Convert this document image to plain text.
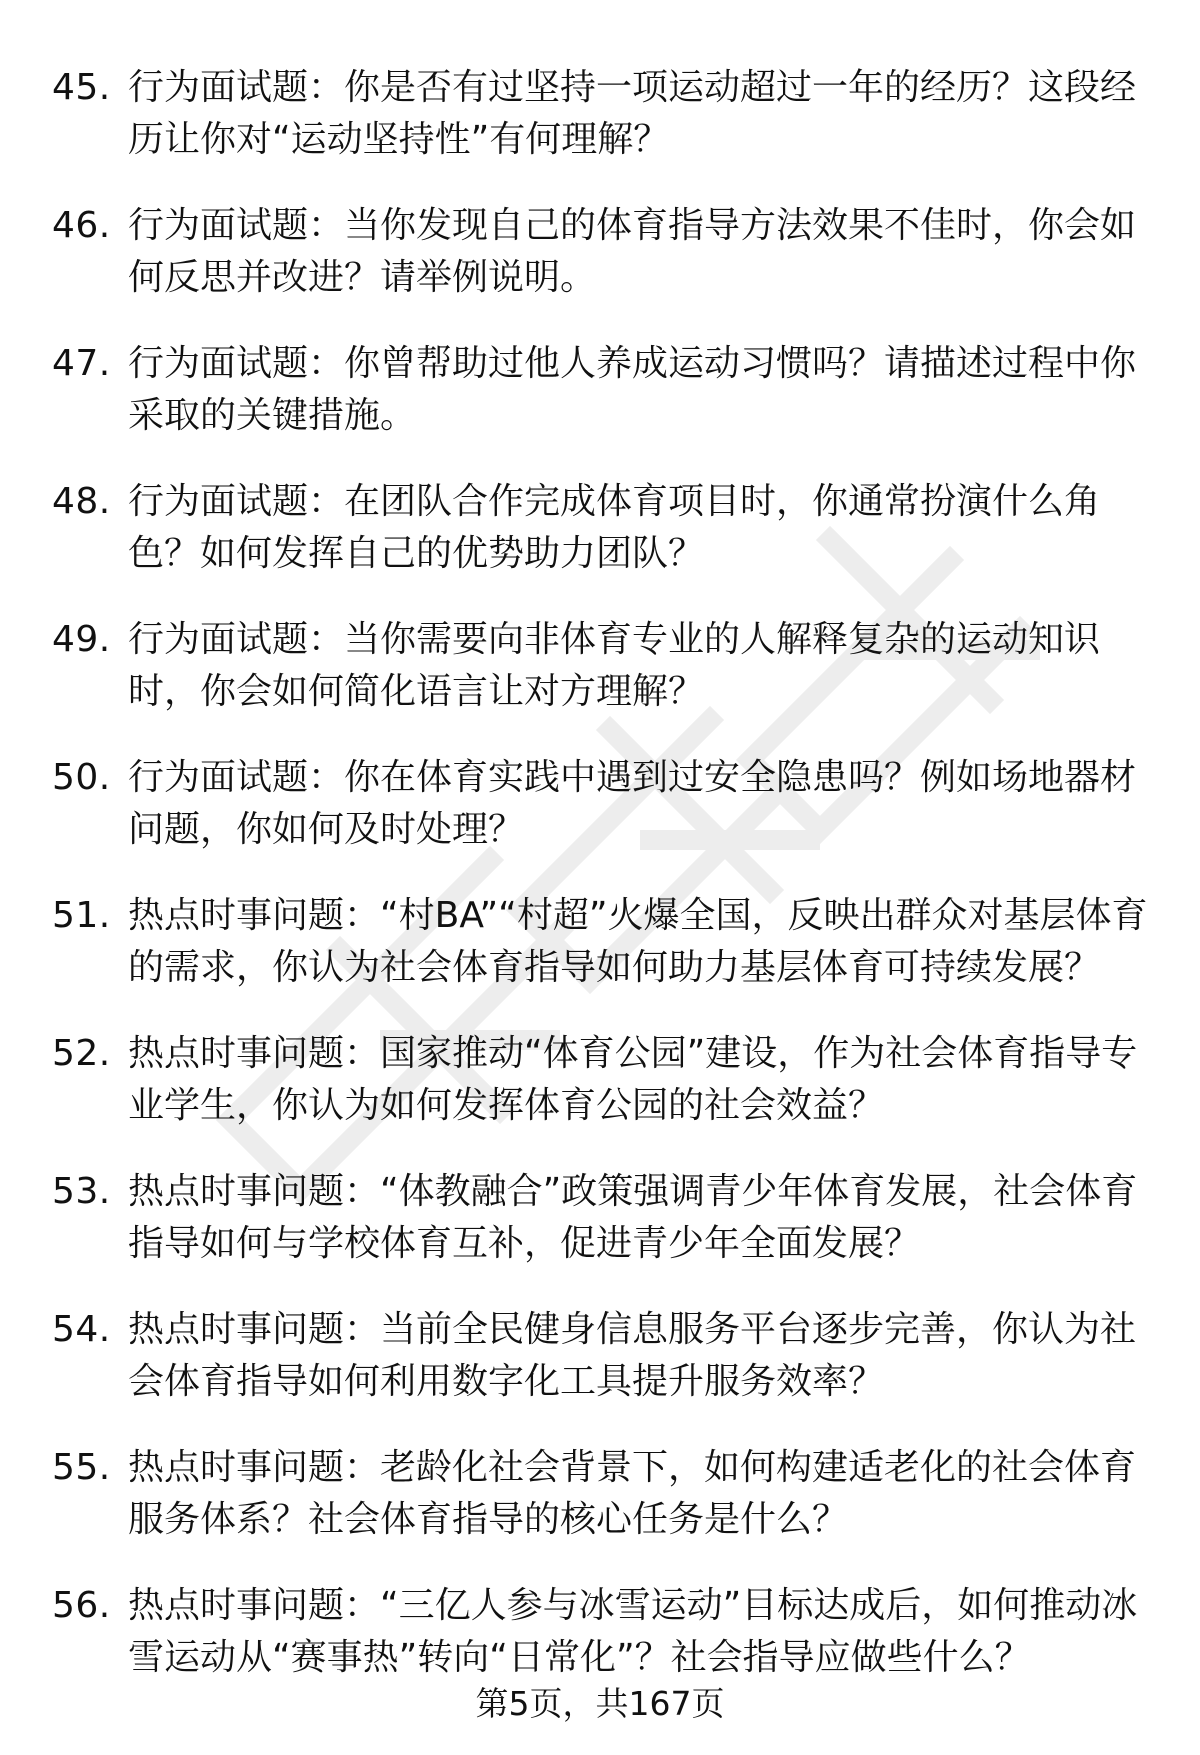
45. 行为面试题：你是否有过坚持一项运动超过一年的经历？这段经历让你对“运动坚持性”有何理解？
46. 行为面试题：当你发现自己的体育指导方法效果不佳时，你会如何反思并改进？请举例说明。
47. 行为面试题：你曾帮助过他人养成运动习惯吗？请描述过程中你采取的关键措施。
48. 行为面试题：在团队合作完成体育项目时，你通常扮演什么角色？如何发挥自己的优势助力团队？
49. 行为面试题：当你需要向非体育专业的人解释复杂的运动知识时，你会如何简化语言让对方理解？
50. 行为面试题：你在体育实践中遇到过安全隐患吗？例如场地器材问题，你如何及时处理？
51. 热点时事问题：“村BA”“村超”火爆全国，反映出群众对基层体育的需求，你认为社会体育指导如何助力基层体育可持续发展？
52. 热点时事问题：国家推动“体育公园”建设，作为社会体育指导专业学生，你认为如何发挥体育公园的社会效益？
53. 热点时事问题：“体教融合”政策强调青少年体育发展，社会体育指导如何与学校体育互补，促进青少年全面发展？
54. 热点时事问题：当前全民健身信息服务平台逐步完善，你认为社会体育指导如何利用数字化工具提升服务效率？
55. 热点时事问题：老龄化社会背景下，如何构建适老化的社会体育服务体系？社会体育指导的核心任务是什么？
56. 热点时事问题：“三亿人参与冰雪运动”目标达成后，如何推动冰雪运动从“赛事热”转向“日常化”？社会指导应做些什么？
第5页，共167页
